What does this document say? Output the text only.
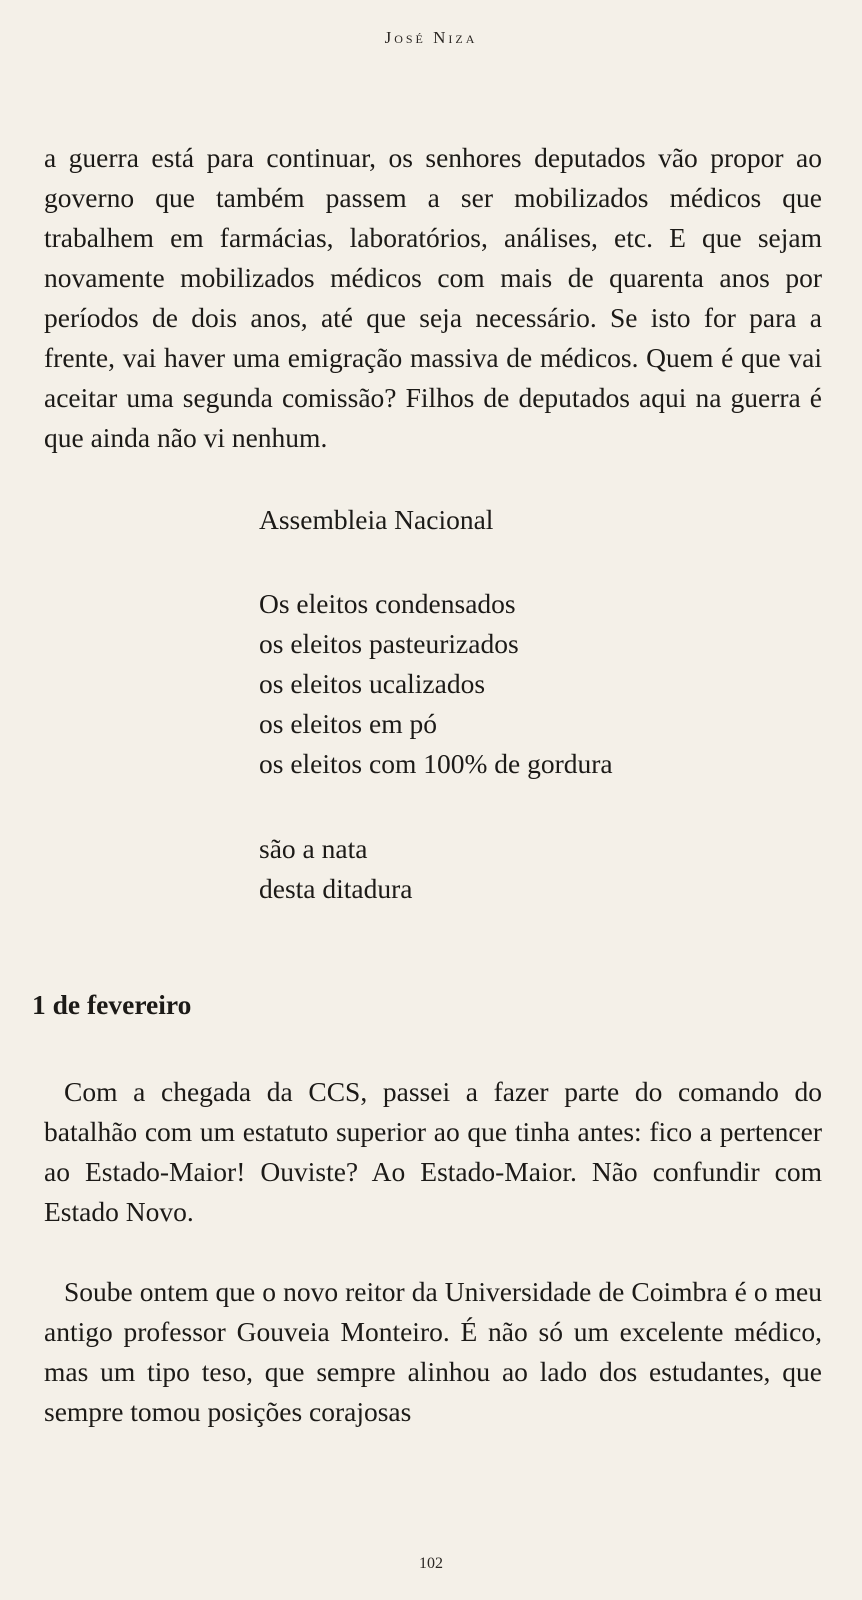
José Niza

a guerra está para continuar, os senhores deputados vão propor ao governo que também passem a ser mobilizados médicos que trabalhem em farmácias, laboratórios, análises, etc. E que sejam novamente mobilizados médicos com mais de quarenta anos por períodos de dois anos, até que seja necessário. Se isto for para a frente, vai haver uma emigração massiva de médicos. Quem é que vai aceitar uma segunda comissão? Filhos de deputados aqui na guerra é que ainda não vi nenhum.

Assembleia Nacional
Os eleitos condensados
os eleitos pasteurizados
os eleitos ucalizados
os eleitos em pó
os eleitos com 100% de gordura
são a nata
desta ditadura
1 de fevereiro

Com a chegada da CCS, passei a fazer parte do comando do batalhão com um estatuto superior ao que tinha antes: fico a pertencer ao Estado-Maior! Ouviste? Ao Estado-Maior. Não confundir com Estado Novo.

Soube ontem que o novo reitor da Universidade de Coimbra é o meu antigo professor Gouveia Monteiro. É não só um excelente médico, mas um tipo teso, que sempre alinhou ao lado dos estudantes, que sempre tomou posições corajosas

102
